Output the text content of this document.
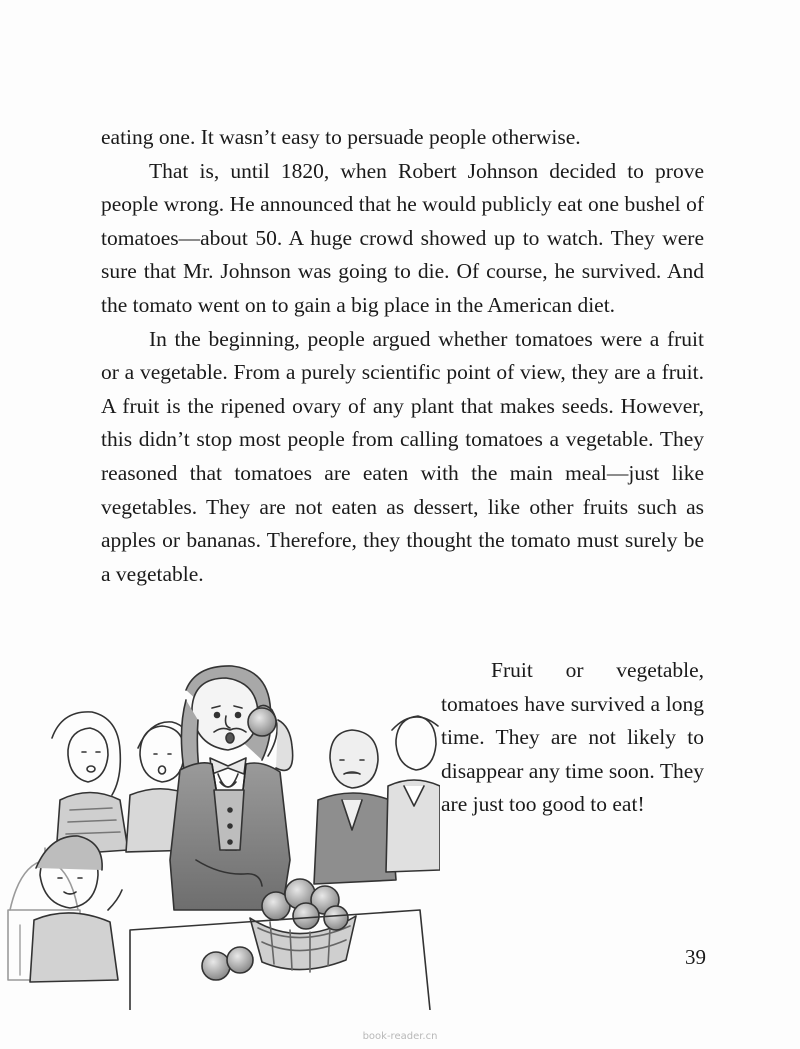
eating one. It wasn’t easy to persuade people otherwise.

That is, until 1820, when Robert Johnson decided to prove people wrong. He announced that he would publicly eat one bushel of tomatoes—about 50. A huge crowd showed up to watch. They were sure that Mr. Johnson was going to die. Of course, he survived. And the tomato went on to gain a big place in the American diet.

In the beginning, people argued whether tomatoes were a fruit or a vegetable. From a purely scientific point of view, they are a fruit. A fruit is the ripened ovary of any plant that makes seeds. However, this didn’t stop most people from calling tomatoes a vegetable. They reasoned that tomatoes are eaten with the main meal—just like vegetables. They are not eaten as dessert, like other fruits such as apples or bananas. Therefore, they thought the tomato must surely be a vegetable.

Fruit or vegetable, tomatoes have survived a long time. They are not likely to disappear any time soon. They are just too good to eat!

39
book-reader.cn
